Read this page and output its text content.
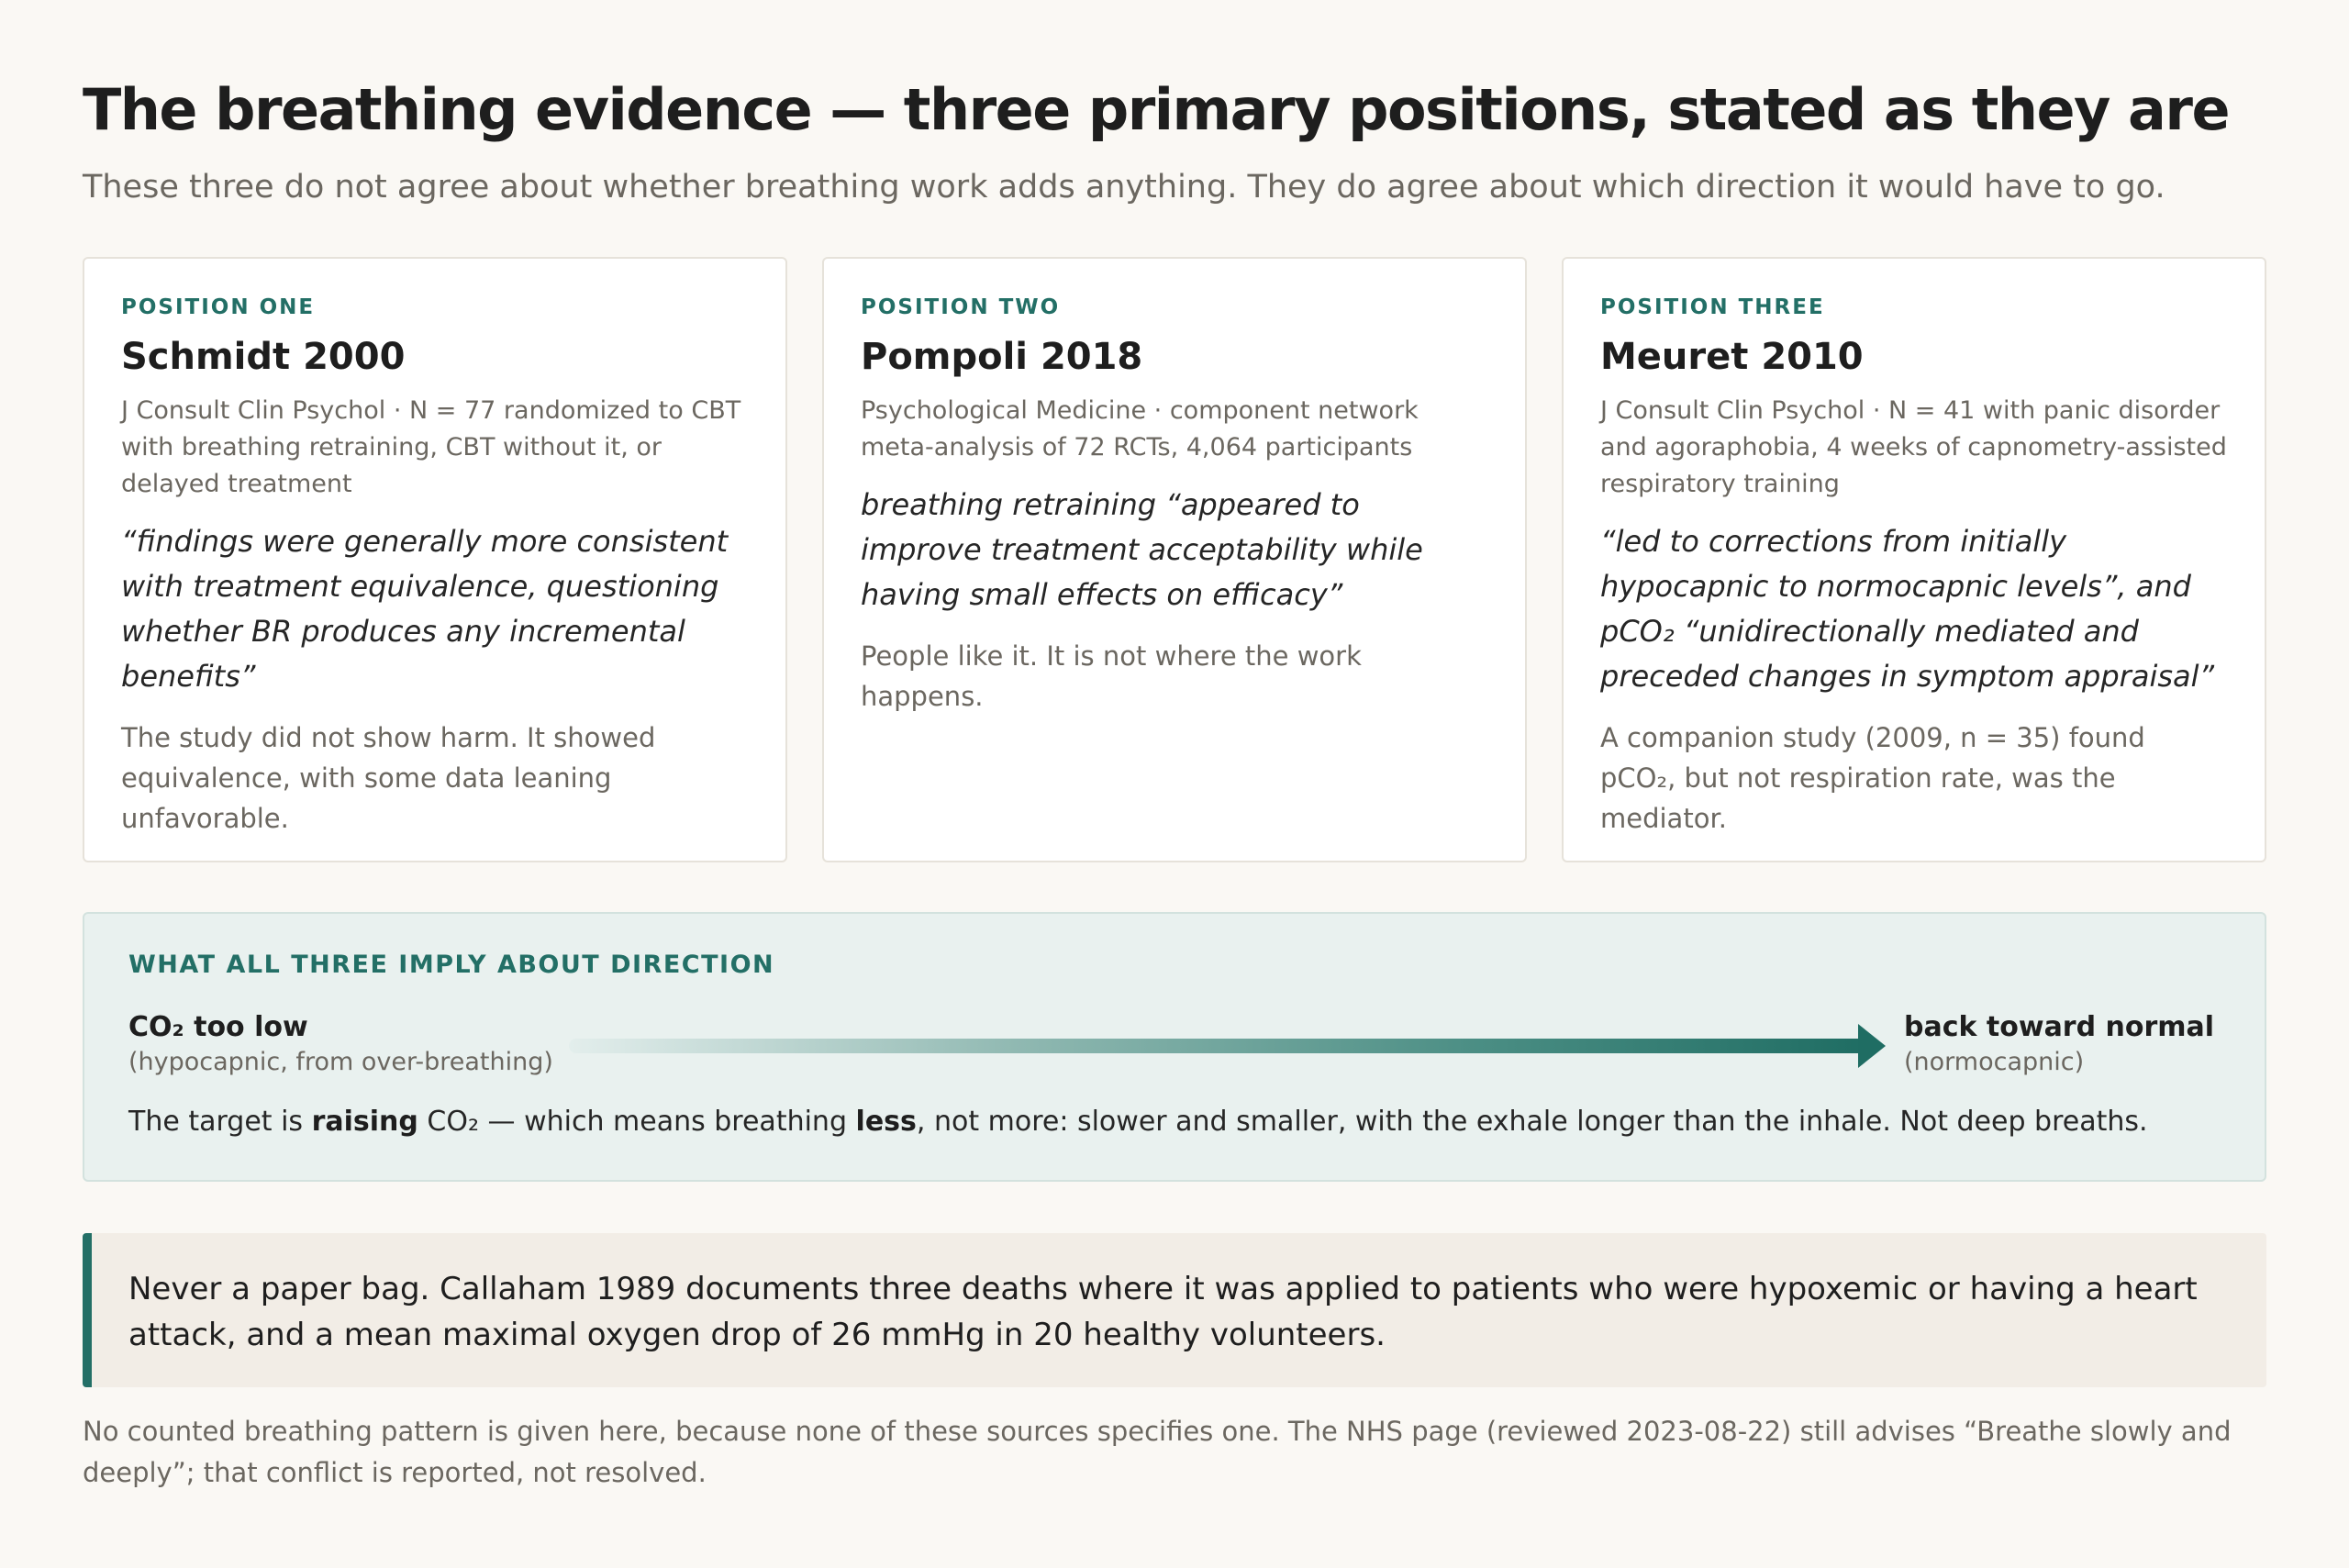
The breathing evidence — three primary positions, stated as they are

These three do not agree about whether breathing work adds anything. They do agree about which direction it would have to go.

POSITION ONE
Schmidt 2000
J Consult Clin Psychol · N = 77 randomized to CBT with breathing retraining, CBT without it, or delayed treatment
“findings were generally more consistent with treatment equivalence, questioning whether BR produces any incremental benefits”
The study did not show harm. It showed equivalence, with some data leaning unfavorable.
POSITION TWO
Pompoli 2018
Psychological Medicine · component network meta-analysis of 72 RCTs, 4,064 participants
breathing retraining “appeared to improve treatment acceptability while having small effects on efficacy”
People like it. It is not where the work happens.
POSITION THREE
Meuret 2010
J Consult Clin Psychol · N = 41 with panic disorder and agoraphobia, 4 weeks of capnometry-assisted respiratory training
“led to corrections from initially hypocapnic to normocapnic levels”, and pCO₂ “unidirectionally mediated and preceded changes in symptom appraisal”
A companion study (2009, n = 35) found pCO₂, but not respiration rate, was the mediator.
WHAT ALL THREE IMPLY ABOUT DIRECTION
CO₂ too low
(hypocapnic, from over-breathing)
back toward normal
(normocapnic)
The target is raising CO₂ — which means breathing less, not more: slower and smaller, with the exhale longer than the inhale. Not deep breaths.
Never a paper bag. Callaham 1989 documents three deaths where it was applied to patients who were hypoxemic or having a heart attack, and a mean maximal oxygen drop of 26 mmHg in 20 healthy volunteers.
No counted breathing pattern is given here, because none of these sources specifies one. The NHS page (reviewed 2023-08-22) still advises “Breathe slowly and deeply”; that conflict is reported, not resolved.
